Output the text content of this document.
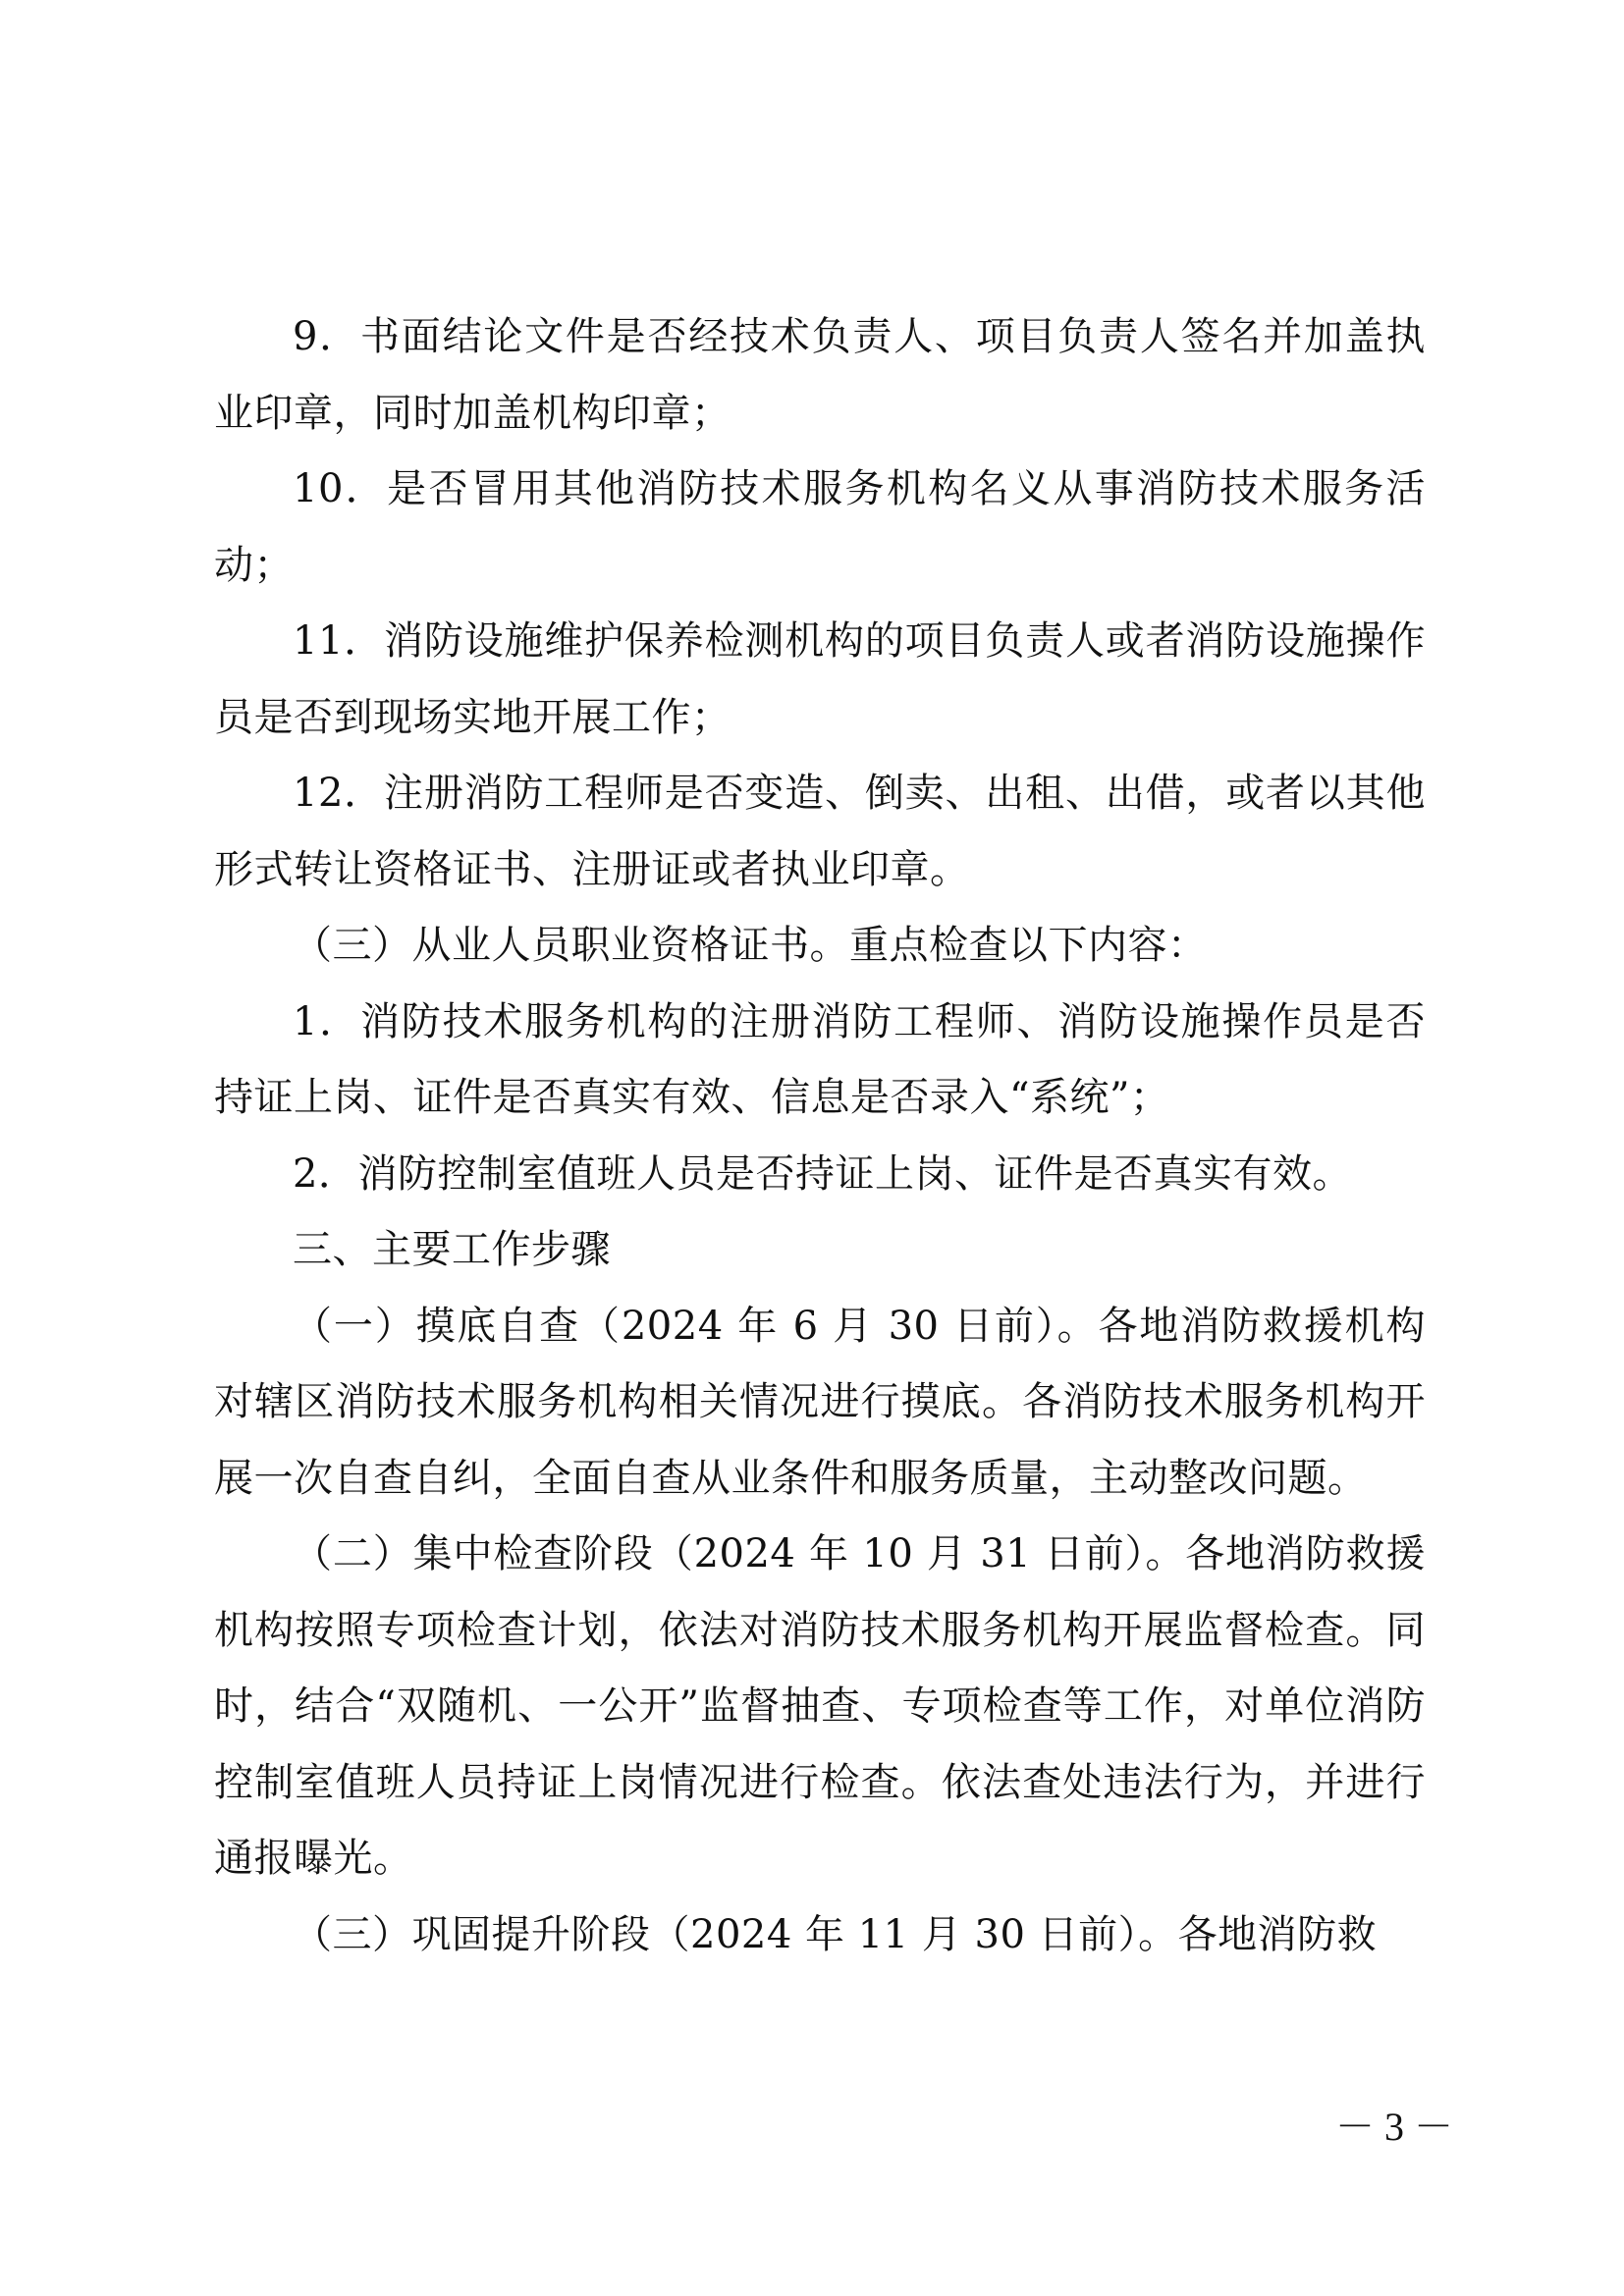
9．书面结论文件是否经技术负责人、项目负责人签名并加盖执业印章，同时加盖机构印章；

10．是否冒用其他消防技术服务机构名义从事消防技术服务活动；

11．消防设施维护保养检测机构的项目负责人或者消防设施操作员是否到现场实地开展工作；

12．注册消防工程师是否变造、倒卖、出租、出借，或者以其他形式转让资格证书、注册证或者执业印章。

（三）从业人员职业资格证书。重点检查以下内容：

1．消防技术服务机构的注册消防工程师、消防设施操作员是否持证上岗、证件是否真实有效、信息是否录入“系统”；

2．消防控制室值班人员是否持证上岗、证件是否真实有效。

三、主要工作步骤

（一）摸底自查（2024 年 6 月 30 日前）。各地消防救援机构对辖区消防技术服务机构相关情况进行摸底。各消防技术服务机构开展一次自查自纠，全面自查从业条件和服务质量，主动整改问题。

（二）集中检查阶段（2024 年 10 月 31 日前）。各地消防救援机构按照专项检查计划，依法对消防技术服务机构开展监督检查。同时，结合“双随机、一公开”监督抽查、专项检查等工作，对单位消防控制室值班人员持证上岗情况进行检查。依法查处违法行为，并进行通报曝光。

（三）巩固提升阶段（2024 年 11 月 30 日前）。各地消防救

－ 3 －
